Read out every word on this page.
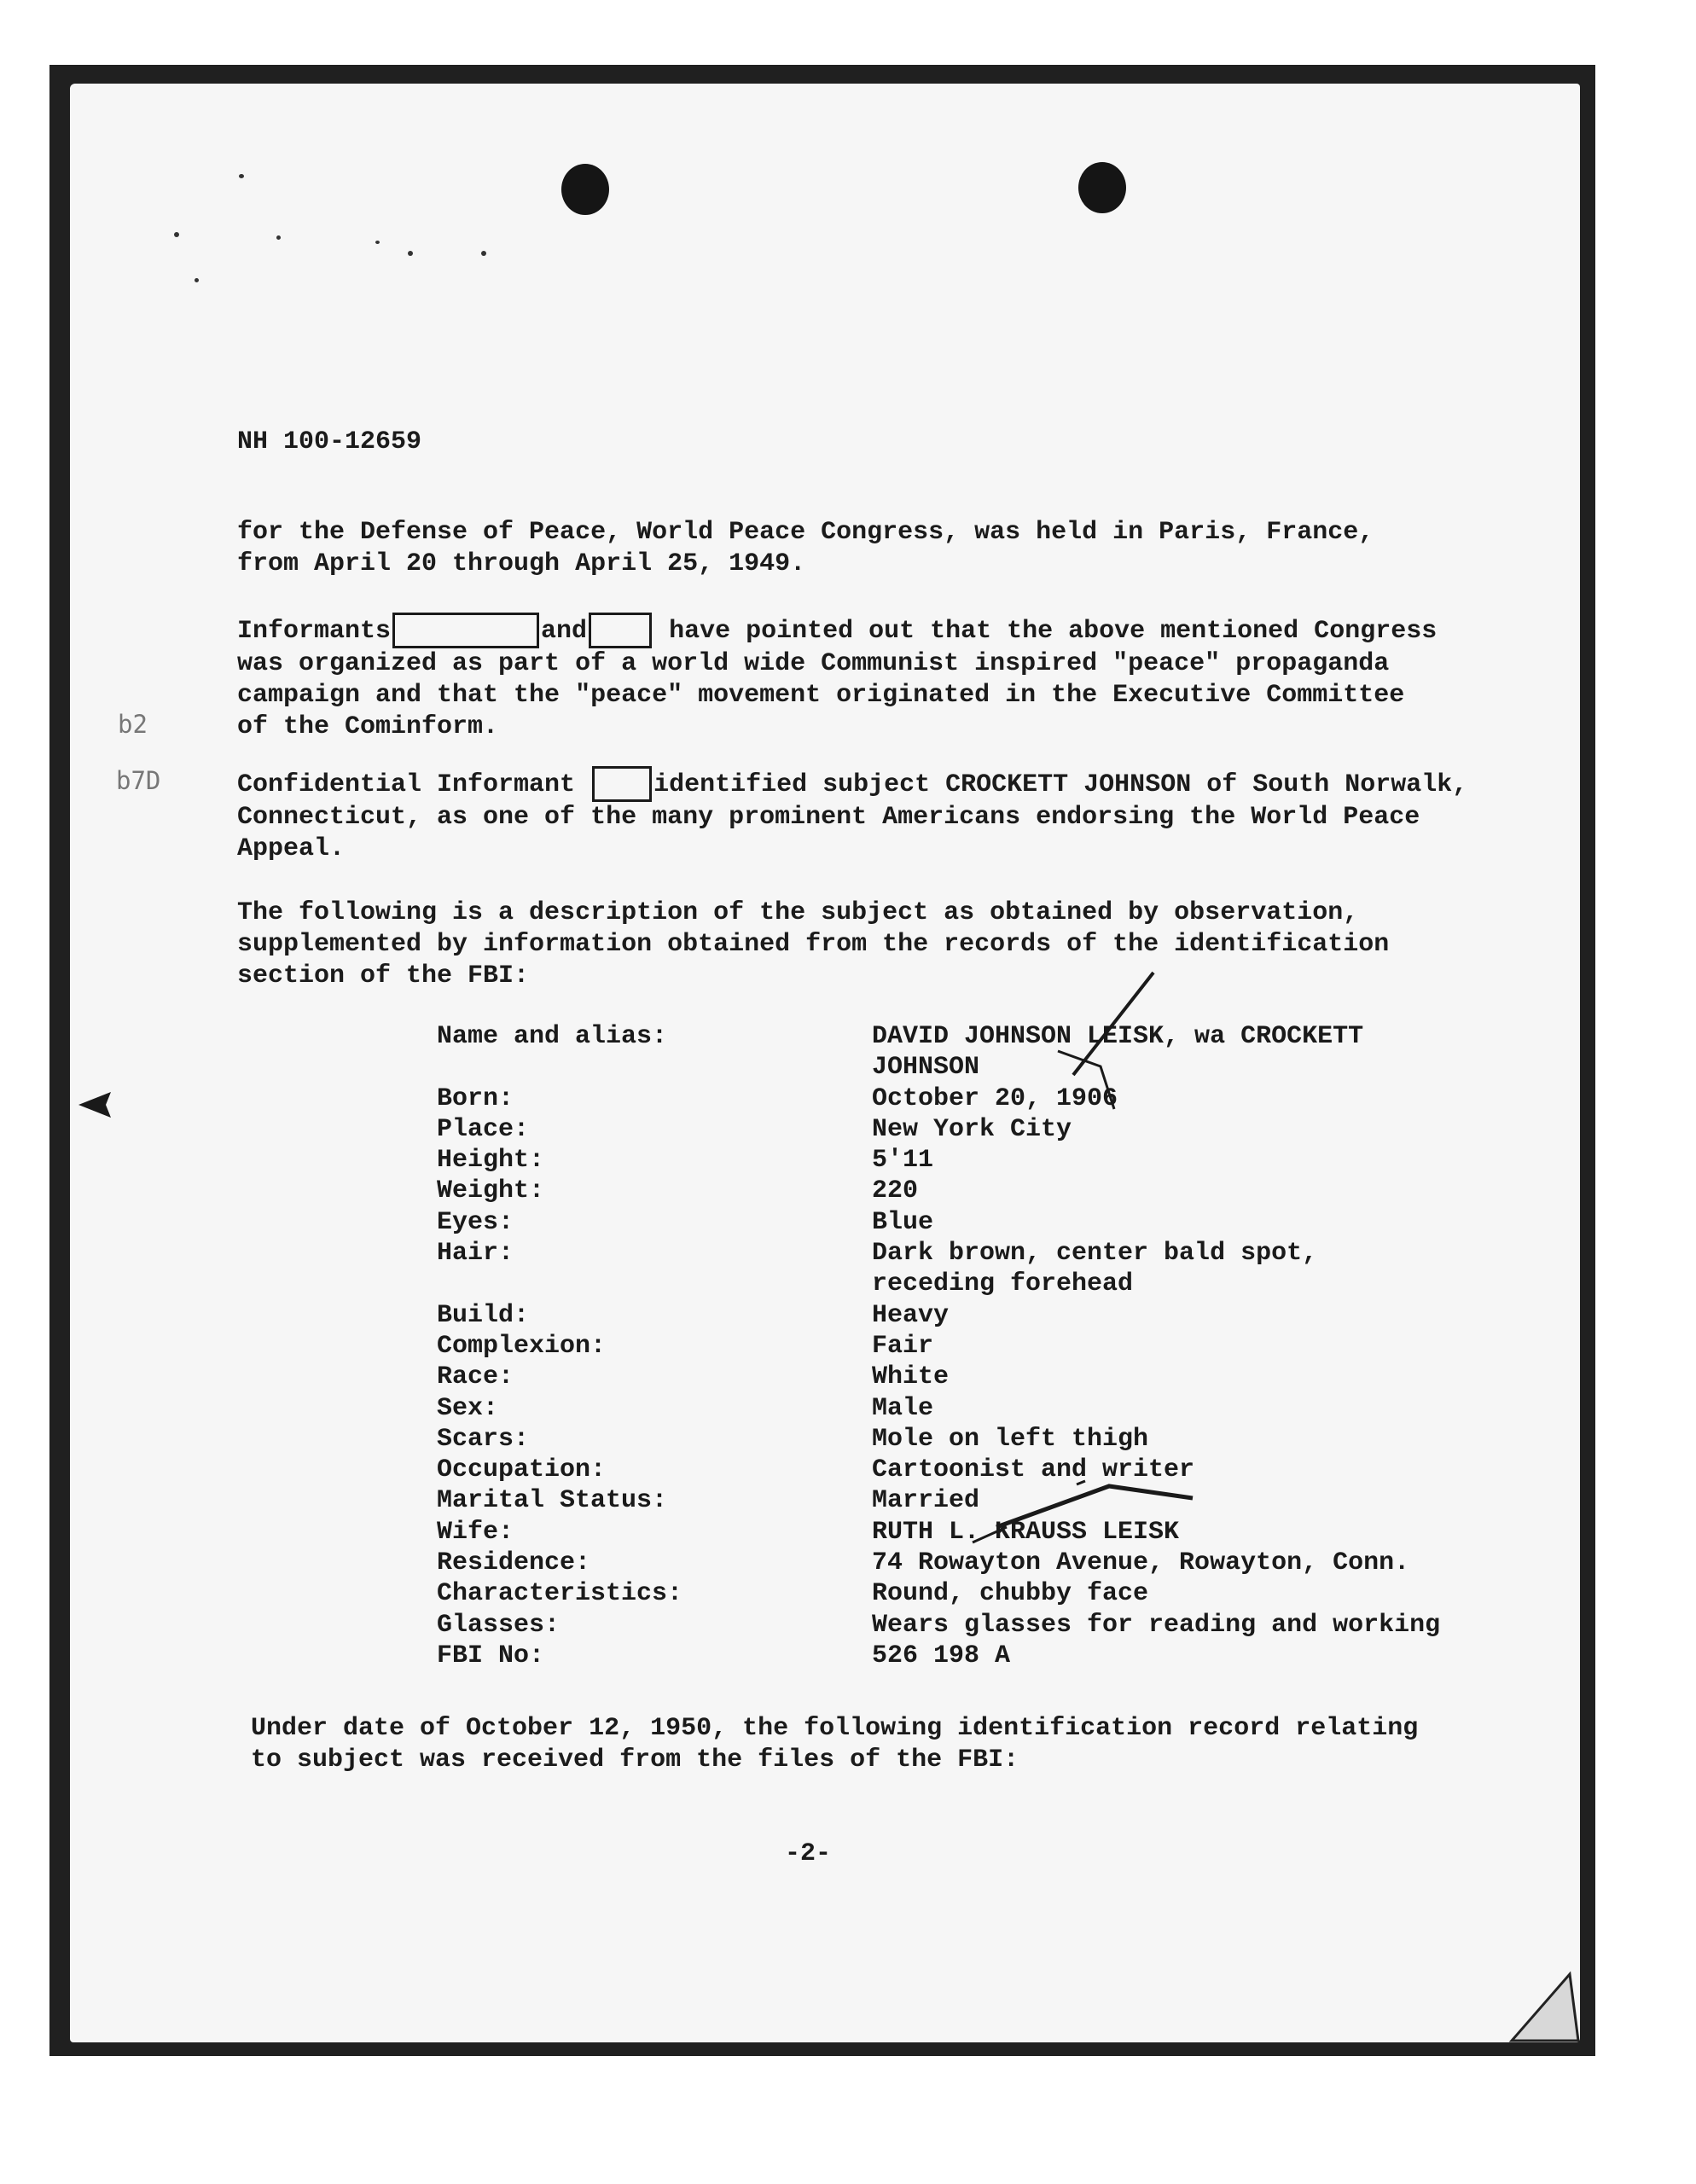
b2
b7D
NH 100-12659
for the Defense of Peace, World Peace Congress, was held in Paris, France,
from April 20 through April 25, 1949.
Informants	and	have pointed out that the above mentioned Congress
was organized as part of a world wide Communist inspired "peace" propaganda
campaign and that the "peace" movement originated in the Executive Committee
of the Cominform.
Confidential Informant	identified subject CROCKETT JOHNSON of South Norwalk,
Connecticut, as one of the many prominent Americans endorsing the World Peace
Appeal.
The following is a description of the subject as obtained by observation,
supplemented by information obtained from the records of the identification
section of the FBI:
Name and alias:	DAVID JOHNSON LEISK, wa CROCKETT
JOHNSON
Born:	October 20, 1906
Place:	New York City
Height:	5'11
Weight:	220
Eyes:	Blue
Hair:	Dark brown, center bald spot,
receding forehead
Build:	Heavy
Complexion:	Fair
Race:	White
Sex:	Male
Scars:	Mole on left thigh
Occupation:	Cartoonist and writer
Marital Status:	Married
Wife:	RUTH L. KRAUSS LEISK
Residence:	74 Rowayton Avenue, Rowayton, Conn.
Characteristics:	Round, chubby face
Glasses:	Wears glasses for reading and working
FBI No:	526 198 A
Under date of October 12, 1950, the following identification record relating
to subject was received from the files of the FBI:
-2-
